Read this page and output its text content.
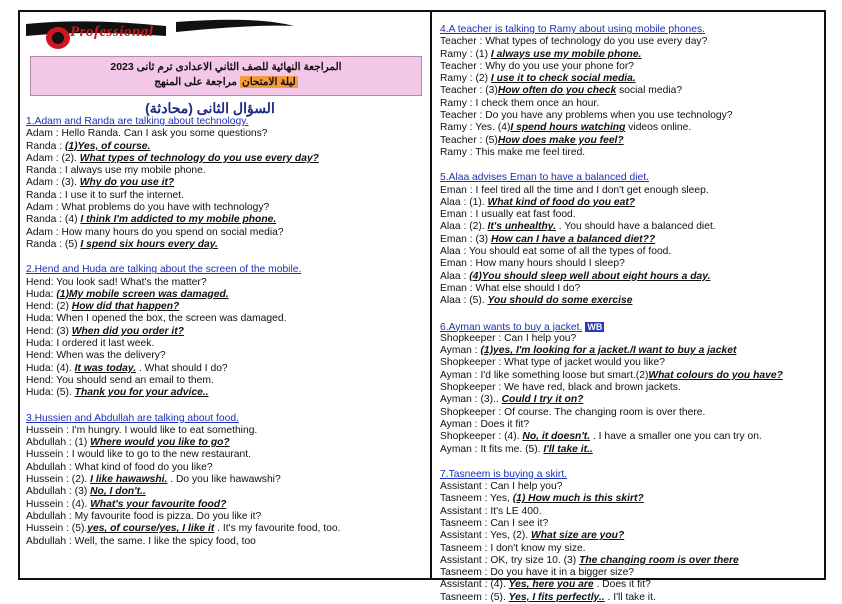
Professional
المراجعة النهائية للصف الثاني الاعدادى ترم ثانى 2023
ليلة الامتحان مراجعة على المنهج
السؤال الثانى (محادثة)
1.Adam and Randa are talking about technology.
Adam : Hello Randa. Can I ask you some questions?
Randa : (1)Yes, of course.
Adam : (2). What types of technology do you use every day?
Randa : I always use my mobile phone.
Adam : (3). Why do you use it?
Randa : I use it to surf the internet.
Adam : What problems do you have with technology?
Randa : (4) I think I'm addicted to my mobile phone.
Adam : How many hours do you spend on social media?
Randa : (5) I spend six hours every day.
2.Hend and Huda are talking about the screen of the mobile.
Hend: You look sad! What's the matter?
Huda: (1)My mobile screen was damaged.
Hend: (2) How did that happen?
Huda: When I opened the box, the screen was damaged.
Hend: (3) When did you order it?
Huda: I ordered it last week.
Hend: When was the delivery?
Huda: (4). It was today. . What should I do?
Hend: You should send an email to them.
Huda: (5). Thank you for your advice..
3.Hussien and Abdullah are talking about food.
Hussein : I'm hungry. I would like to eat something.
Abdullah : (1) Where would you like to go?
Hussein : I would like to go to the new restaurant.
Abdullah : What kind of food do you like?
Hussein : (2). I like hawawshi. . Do you like hawawshi?
Abdullah : (3) No, I don't..
Hussein : (4). What's your favourite food?
Abdullah : My favourite food is pizza. Do you like it?
Hussein : (5).yes, of course/yes, I like it . It's my favourite food, too.
Abdullah : Well, the same. I like the spicy food, too
4.A teacher is talking to Ramy about using mobile phones.
Teacher : What types of technology do you use every day?
Ramy : (1) I always use my mobile phone.
Teacher : Why do you use your phone for?
Ramy : (2) I use it to check social media.
Teacher : (3)How often do you check social media?
Ramy : I check them once an hour.
Teacher : Do you have any problems when you use technology?
Ramy : Yes. (4)I spend hours watching videos online.
Teacher : (5)How does make you feel?
Ramy : This make me feel tired.
5.Alaa advises Eman to have a balanced diet.
Eman : I feel tired all the time and I don't get enough sleep.
Alaa : (1). What kind of food do you eat?
Eman : I usually eat fast food.
Alaa : (2). It's unhealthy. . You should have a balanced diet.
Eman : (3) How can I have a balanced diet??
Alaa : You should eat some of all the types of food.
Eman : How many hours should I sleep?
Alaa : (4)You should sleep well about eight hours a day.
Eman : What else should I do?
Alaa : (5). You should do some exercise
6.Ayman wants to buy a jacket. WB
Shopkeeper : Can I help you?
Ayman : (1)yes, I'm looking for a jacket./I want to buy a jacket
Shopkeeper : What type of jacket would you like?
Ayman : I'd like something loose but smart.(2)What colours do you have?
Shopkeeper : We have red, black and brown jackets.
Ayman : (3).. Could I try it on?
Shopkeeper : Of course. The changing room is over there.
Ayman : Does it fit?
Shopkeeper : (4). No, it doesn't. . I have a smaller one you can try on.
Ayman : It fits me. (5). I'll take it..
7.Tasneem is buying a skirt.
Assistant : Can I help you?
Tasneem : Yes, (1) How much is this skirt?
Assistant : It's LE 400.
Tasneem : Can I see it?
Assistant : Yes, (2). What size are you?
Tasneem : I don't know my size.
Assistant : OK, try size 10. (3) The changing room is over there
Tasneem : Do you have it in a bigger size?
Assistant : (4). Yes, here you are . Does it fit?
Tasneem : (5). Yes, I fits perfectly.. . I'll take it.
